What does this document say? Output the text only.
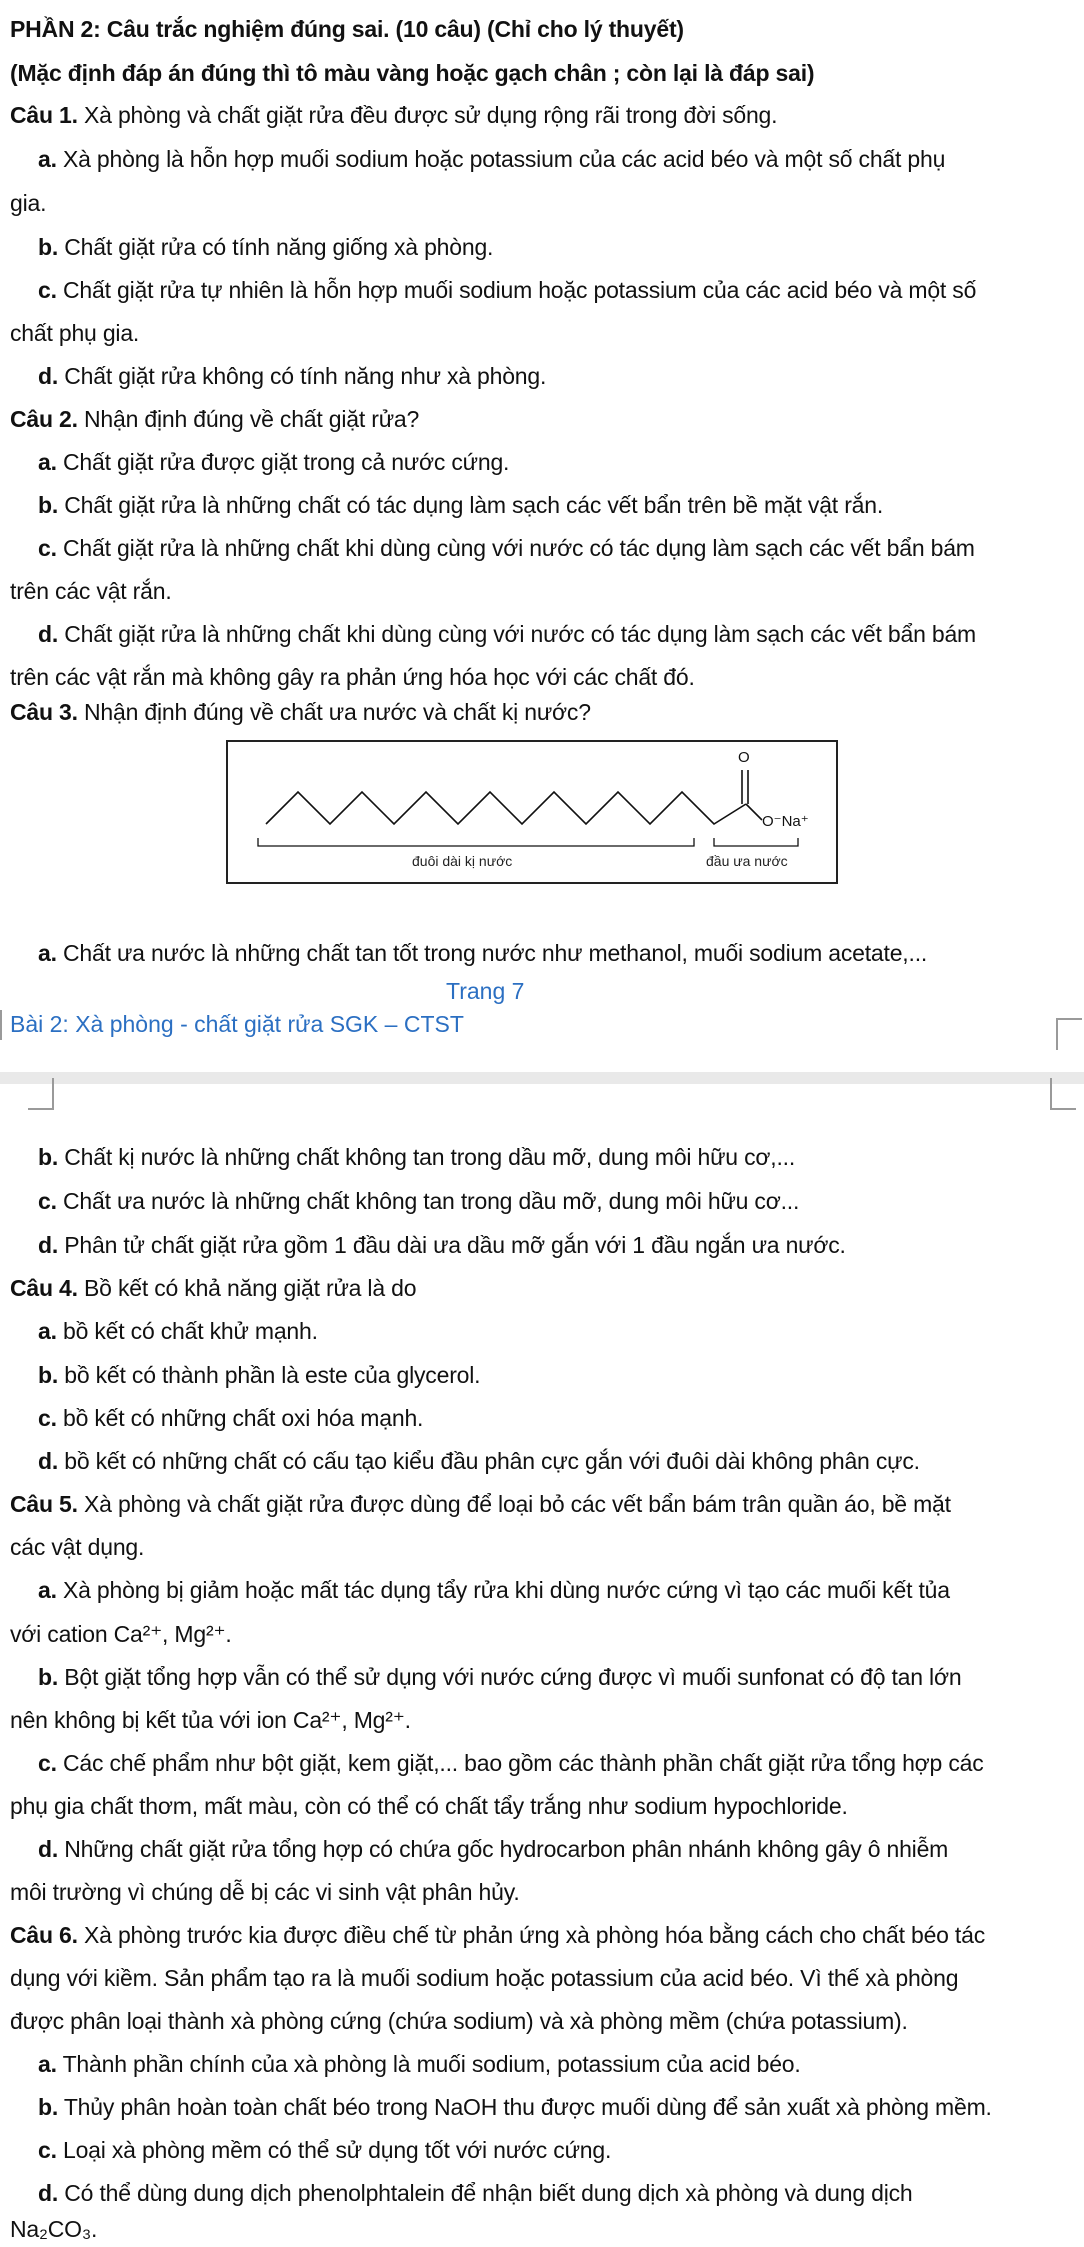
PHẦN 2: Câu trắc nghiệm đúng sai. (10 câu) (Chỉ cho lý thuyết)
(Mặc định đáp án đúng thì tô màu vàng hoặc gạch chân ; còn lại là đáp sai)
Câu 1. Xà phòng và chất giặt rửa đều được sử dụng rộng rãi trong đời sống.
a. Xà phòng là hỗn hợp muối sodium hoặc potassium của các acid béo và một số chất phụ
gia.
b. Chất giặt rửa có tính năng giống xà phòng.
c. Chất giặt rửa tự nhiên là hỗn hợp muối sodium hoặc potassium của các acid béo và một số
chất phụ gia.
d. Chất giặt rửa không có tính năng như xà phòng.
Câu 2. Nhận định đúng về chất giặt rửa?
a. Chất giặt rửa được giặt trong cả nước cứng.
b. Chất giặt rửa là những chất có tác dụng làm sạch các vết bẩn trên bề mặt vật rắn.
c. Chất giặt rửa là những chất khi dùng cùng với nước có tác dụng làm sạch các vết bẩn bám
trên các vật rắn.
d. Chất giặt rửa là những chất khi dùng cùng với nước có tác dụng làm sạch các vết bẩn bám
trên các vật rắn mà không gây ra phản ứng hóa học với các chất đó.
Câu 3. Nhận định đúng về chất ưa nước và chất kị nước?
O
O⁻Na⁺
đuôi dài kị nước	đầu ưa nước
a. Chất ưa nước là những chất tan tốt trong nước như methanol, muối sodium acetate,...
Trang 7
Bài 2: Xà phòng - chất giặt rửa SGK – CTST
b. Chất kị nước là những chất không tan trong dầu mỡ, dung môi hữu cơ,...
c. Chất ưa nước là những chất không tan trong dầu mỡ, dung môi hữu cơ...
d. Phân tử chất giặt rửa gồm 1 đầu dài ưa dầu mỡ gắn với 1 đầu ngắn ưa nước.
Câu 4. Bồ kết có khả năng giặt rửa là do
a. bồ kết có chất khử mạnh.
b. bồ kết có thành phần là este của glycerol.
c. bồ kết có những chất oxi hóa mạnh.
d. bồ kết có những chất có cấu tạo kiểu đầu phân cực gắn với đuôi dài không phân cực.
Câu 5. Xà phòng và chất giặt rửa được dùng để loại bỏ các vết bẩn bám trân quần áo, bề mặt
các vật dụng.
a. Xà phòng bị giảm hoặc mất tác dụng tẩy rửa khi dùng nước cứng vì tạo các muối kết tủa
với cation Ca²⁺, Mg²⁺.
b. Bột giặt tổng hợp vẫn có thể sử dụng với nước cứng được vì muối sunfonat có độ tan lớn
nên không bị kết tủa với ion Ca²⁺, Mg²⁺.
c. Các chế phẩm như bột giặt, kem giặt,... bao gồm các thành phần chất giặt rửa tổng hợp các
phụ gia chất thơm, mất màu, còn có thể có chất tẩy trắng như sodium hypochloride.
d. Những chất giặt rửa tổng hợp có chứa gốc hydrocarbon phân nhánh không gây ô nhiễm
môi trường vì chúng dễ bị các vi sinh vật phân hủy.
Câu 6. Xà phòng trước kia được điều chế từ phản ứng xà phòng hóa bằng cách cho chất béo tác
dụng với kiềm. Sản phẩm tạo ra là muối sodium hoặc potassium của acid béo. Vì thế xà phòng
được phân loại thành xà phòng cứng (chứa sodium) và xà phòng mềm (chứa potassium).
a. Thành phần chính của xà phòng là muối sodium, potassium của acid béo.
b. Thủy phân hoàn toàn chất béo trong NaOH thu được muối dùng để sản xuất xà phòng mềm.
c. Loại xà phòng mềm có thể sử dụng tốt với nước cứng.
d. Có thể dùng dung dịch phenolphtalein để nhận biết dung dịch xà phòng và dung dịch
Na₂CO₃.
